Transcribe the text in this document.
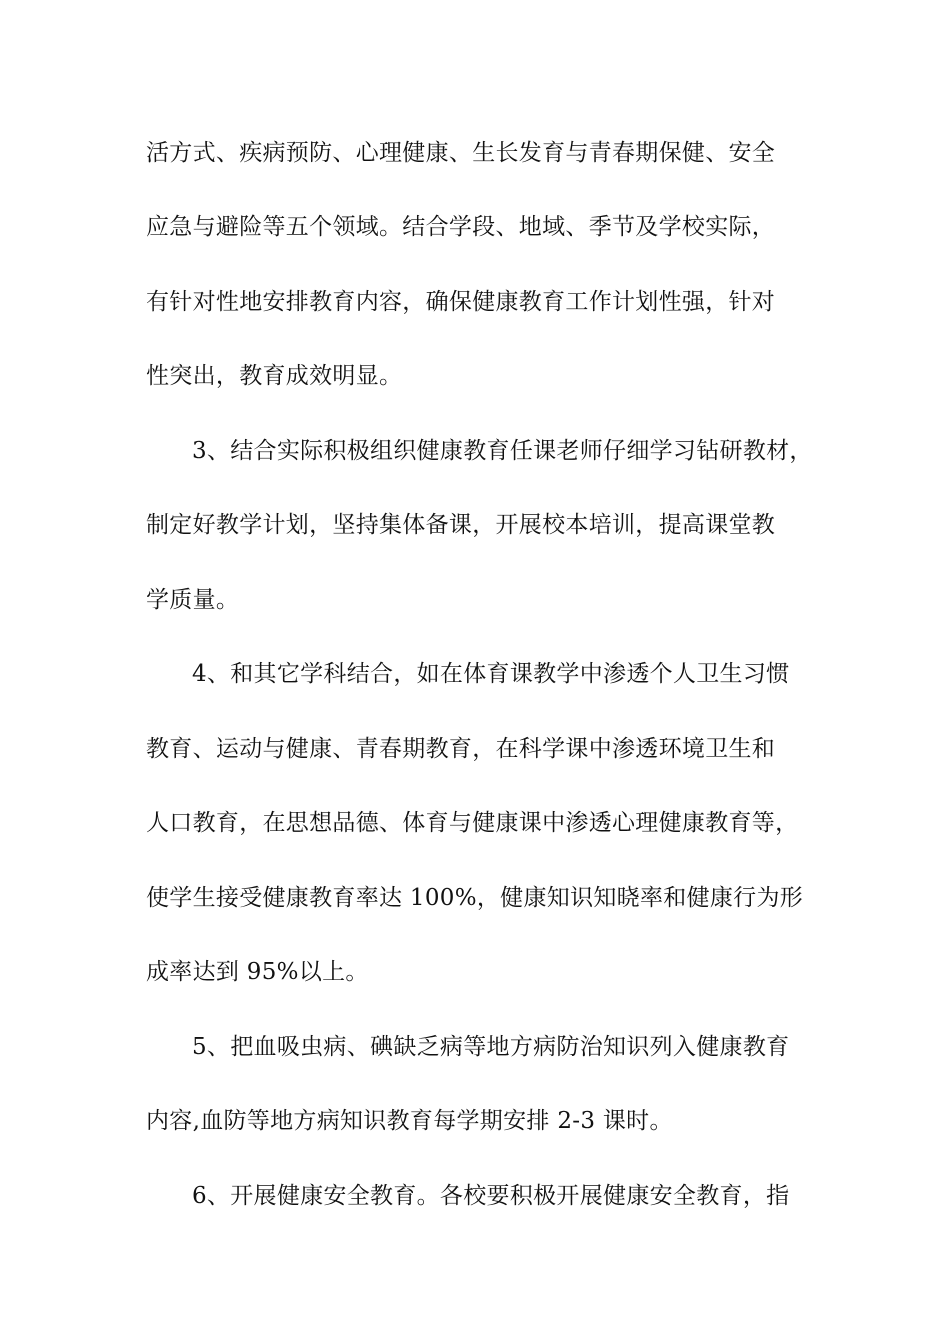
活方式、疾病预防、心理健康、生长发育与青春期保健、安全
应急与避险等五个领域。结合学段、地域、季节及学校实际，
有针对性地安排教育内容，确保健康教育工作计划性强，针对
性突出，教育成效明显。
3、结合实际积极组织健康教育任课老师仔细学习钻研教材，
制定好教学计划，坚持集体备课，开展校本培训，提高课堂教
学质量。
4、和其它学科结合，如在体育课教学中渗透个人卫生习惯
教育、运动与健康、青春期教育，在科学课中渗透环境卫生和
人口教育，在思想品德、体育与健康课中渗透心理健康教育等，
使学生接受健康教育率达 100%，健康知识知晓率和健康行为形
成率达到 95%以上。
5、把血吸虫病、碘缺乏病等地方病防治知识列入健康教育
内容,血防等地方病知识教育每学期安排 2-3 课时。
6、开展健康安全教育。各校要积极开展健康安全教育，指
